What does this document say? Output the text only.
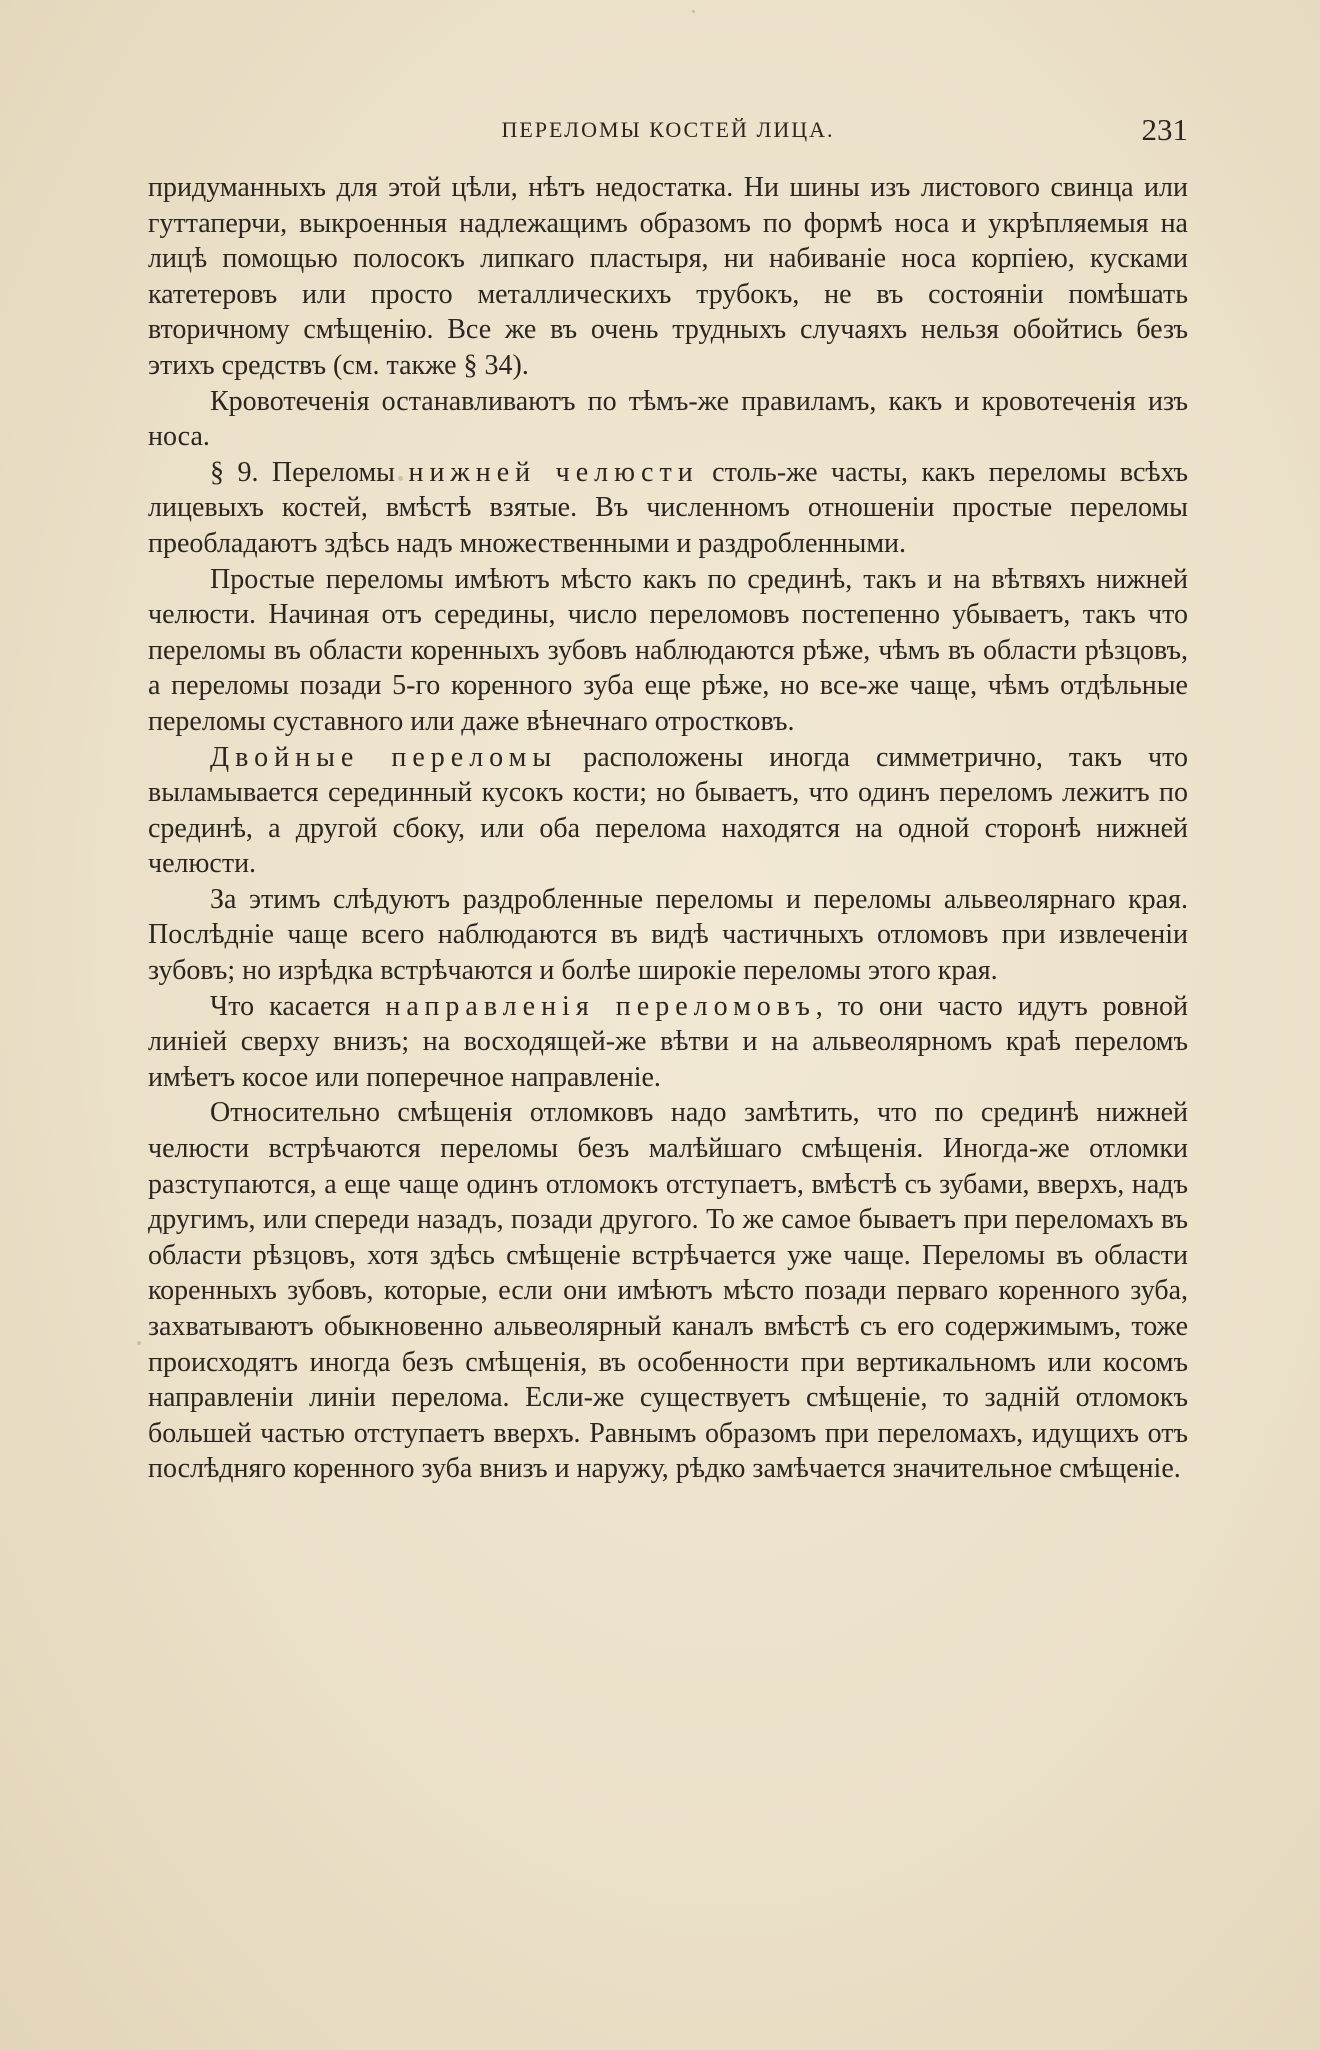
ПЕРЕЛОМЫ КОСТЕЙ ЛИЦА.	231

придуманныхъ для этой цѣли, нѣтъ недостатка. Ни шины изъ листового свинца или гуттаперчи, выкроенныя надлежащимъ образомъ по формѣ носа и укрѣпляемыя на лицѣ помощью полосокъ липкаго пластыря, ни набиваніе носа корпіею, кусками катетеровъ или просто металлическихъ трубокъ, не въ состояніи помѣшать вторичному смѣщенію. Все же въ очень трудныхъ случаяхъ нельзя обойтись безъ этихъ средствъ (см. также § 34).

Кровотеченія останавливаютъ по тѣмъ-же правиламъ, какъ и кровотеченія изъ носа.

§ 9. Переломы нижней челюсти столь-же часты, какъ переломы всѣхъ лицевыхъ костей, вмѣстѣ взятые. Въ численномъ отношеніи простые переломы преобладаютъ здѣсь надъ множественными и раздробленными.

Простые переломы имѣютъ мѣсто какъ по срединѣ, такъ и на вѣтвяхъ нижней челюсти. Начиная отъ середины, число переломовъ постепенно убываетъ, такъ что переломы въ области коренныхъ зубовъ наблюдаются рѣже, чѣмъ въ области рѣзцовъ, а переломы позади 5-го коренного зуба еще рѣже, но все-же чаще, чѣмъ отдѣльные переломы суставного или даже вѣнечнаго отростковъ.

Двойные переломы расположены иногда симметрично, такъ что выламывается серединный кусокъ кости; но бываетъ, что одинъ переломъ лежитъ по срединѣ, а другой сбоку, или оба перелома находятся на одной сторонѣ нижней челюсти.

За этимъ слѣдуютъ раздробленные переломы и переломы альвеолярнаго края. Послѣдніе чаще всего наблюдаются въ видѣ частичныхъ отломовъ при извлеченіи зубовъ; но изрѣдка встрѣчаются и болѣе широкіе переломы этого края.

Что касается направленія переломовъ, то они часто идутъ ровной линіей сверху внизъ; на восходящей-же вѣтви и на альвеолярномъ краѣ переломъ имѣетъ косое или поперечное направленіе.

Относительно смѣщенія отломковъ надо замѣтить, что по срединѣ нижней челюсти встрѣчаются переломы безъ малѣйшаго смѣщенія. Иногда-же отломки разступаются, а еще чаще одинъ отломокъ отступаетъ, вмѣстѣ съ зубами, вверхъ, надъ другимъ, или спереди назадъ, позади другого. То же самое бываетъ при переломахъ въ области рѣзцовъ, хотя здѣсь смѣщеніе встрѣчается уже чаще. Переломы въ области коренныхъ зубовъ, которые, если они имѣютъ мѣсто позади перваго коренного зуба, захватываютъ обыкновенно альвеолярный каналъ вмѣстѣ съ его содержимымъ, тоже происходятъ иногда безъ смѣщенія, въ особенности при вертикальномъ или косомъ направленіи линіи перелома. Если-же существуетъ смѣщеніе, то задній отломокъ большей частью отступаетъ вверхъ. Равнымъ образомъ при переломахъ, идущихъ отъ послѣдняго коренного зуба внизъ и наружу, рѣдко замѣчается значительное смѣщеніе.
